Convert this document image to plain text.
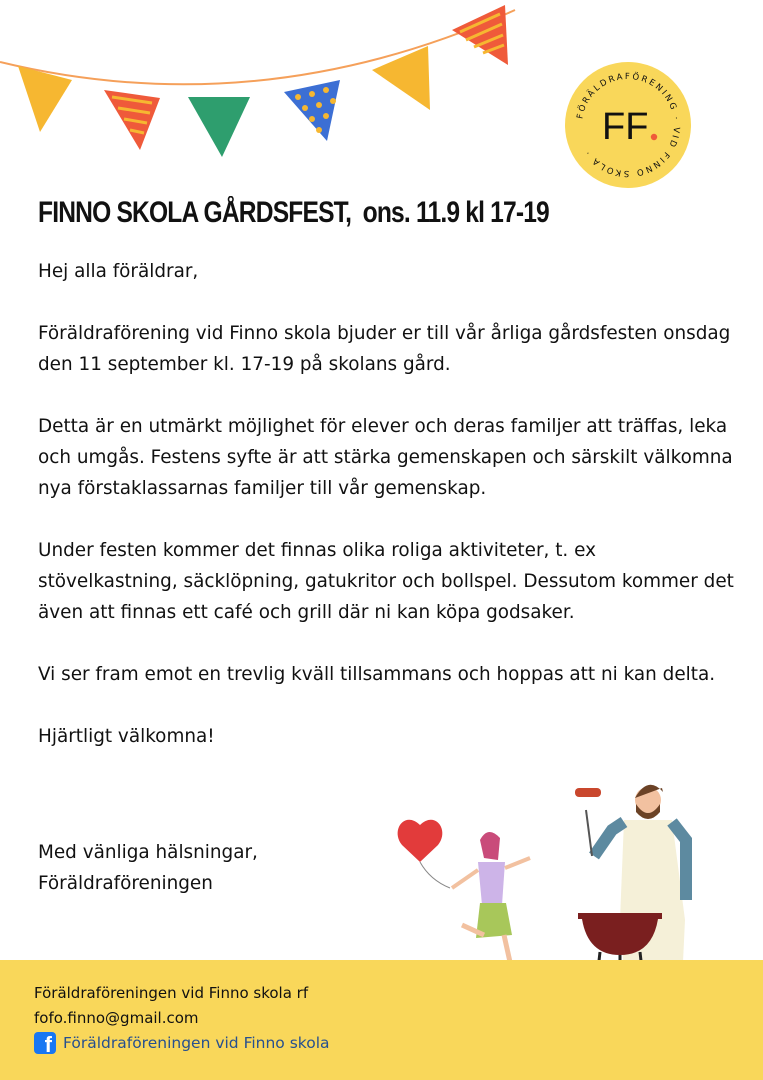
FÖRÄLDRAFÖRENING · VID FINNO SKOLA ·
FF
FINNO SKOLA GÅRDSFEST, ons. 11.9 kl 17-19

Hej alla föräldrar,

Föräldraförening vid Finno skola bjuder er till vår årliga gårdsfesten onsdag den 11 september kl. 17-19 på skolans gård.

Detta är en utmärkt möjlighet för elever och deras familjer att träffas, leka och umgås. Festens syfte är att stärka gemenskapen och särskilt välkomna nya förstaklassarnas familjer till vår gemenskap.

Under festen kommer det finnas olika roliga aktiviteter, t. ex stövelkastning, säcklöpning, gatukritor och bollspel. Dessutom kommer det även att finnas ett café och grill där ni kan köpa godsaker.

Vi ser fram emot en trevlig kväll tillsammans och hoppas att ni kan delta.

Hjärtligt välkomna!

Med vänliga hälsningar,
Föräldraföreningen
Föräldraföreningen vid Finno skola rf
fofo.finno@gmail.com
f Föräldraföreningen vid Finno skola
